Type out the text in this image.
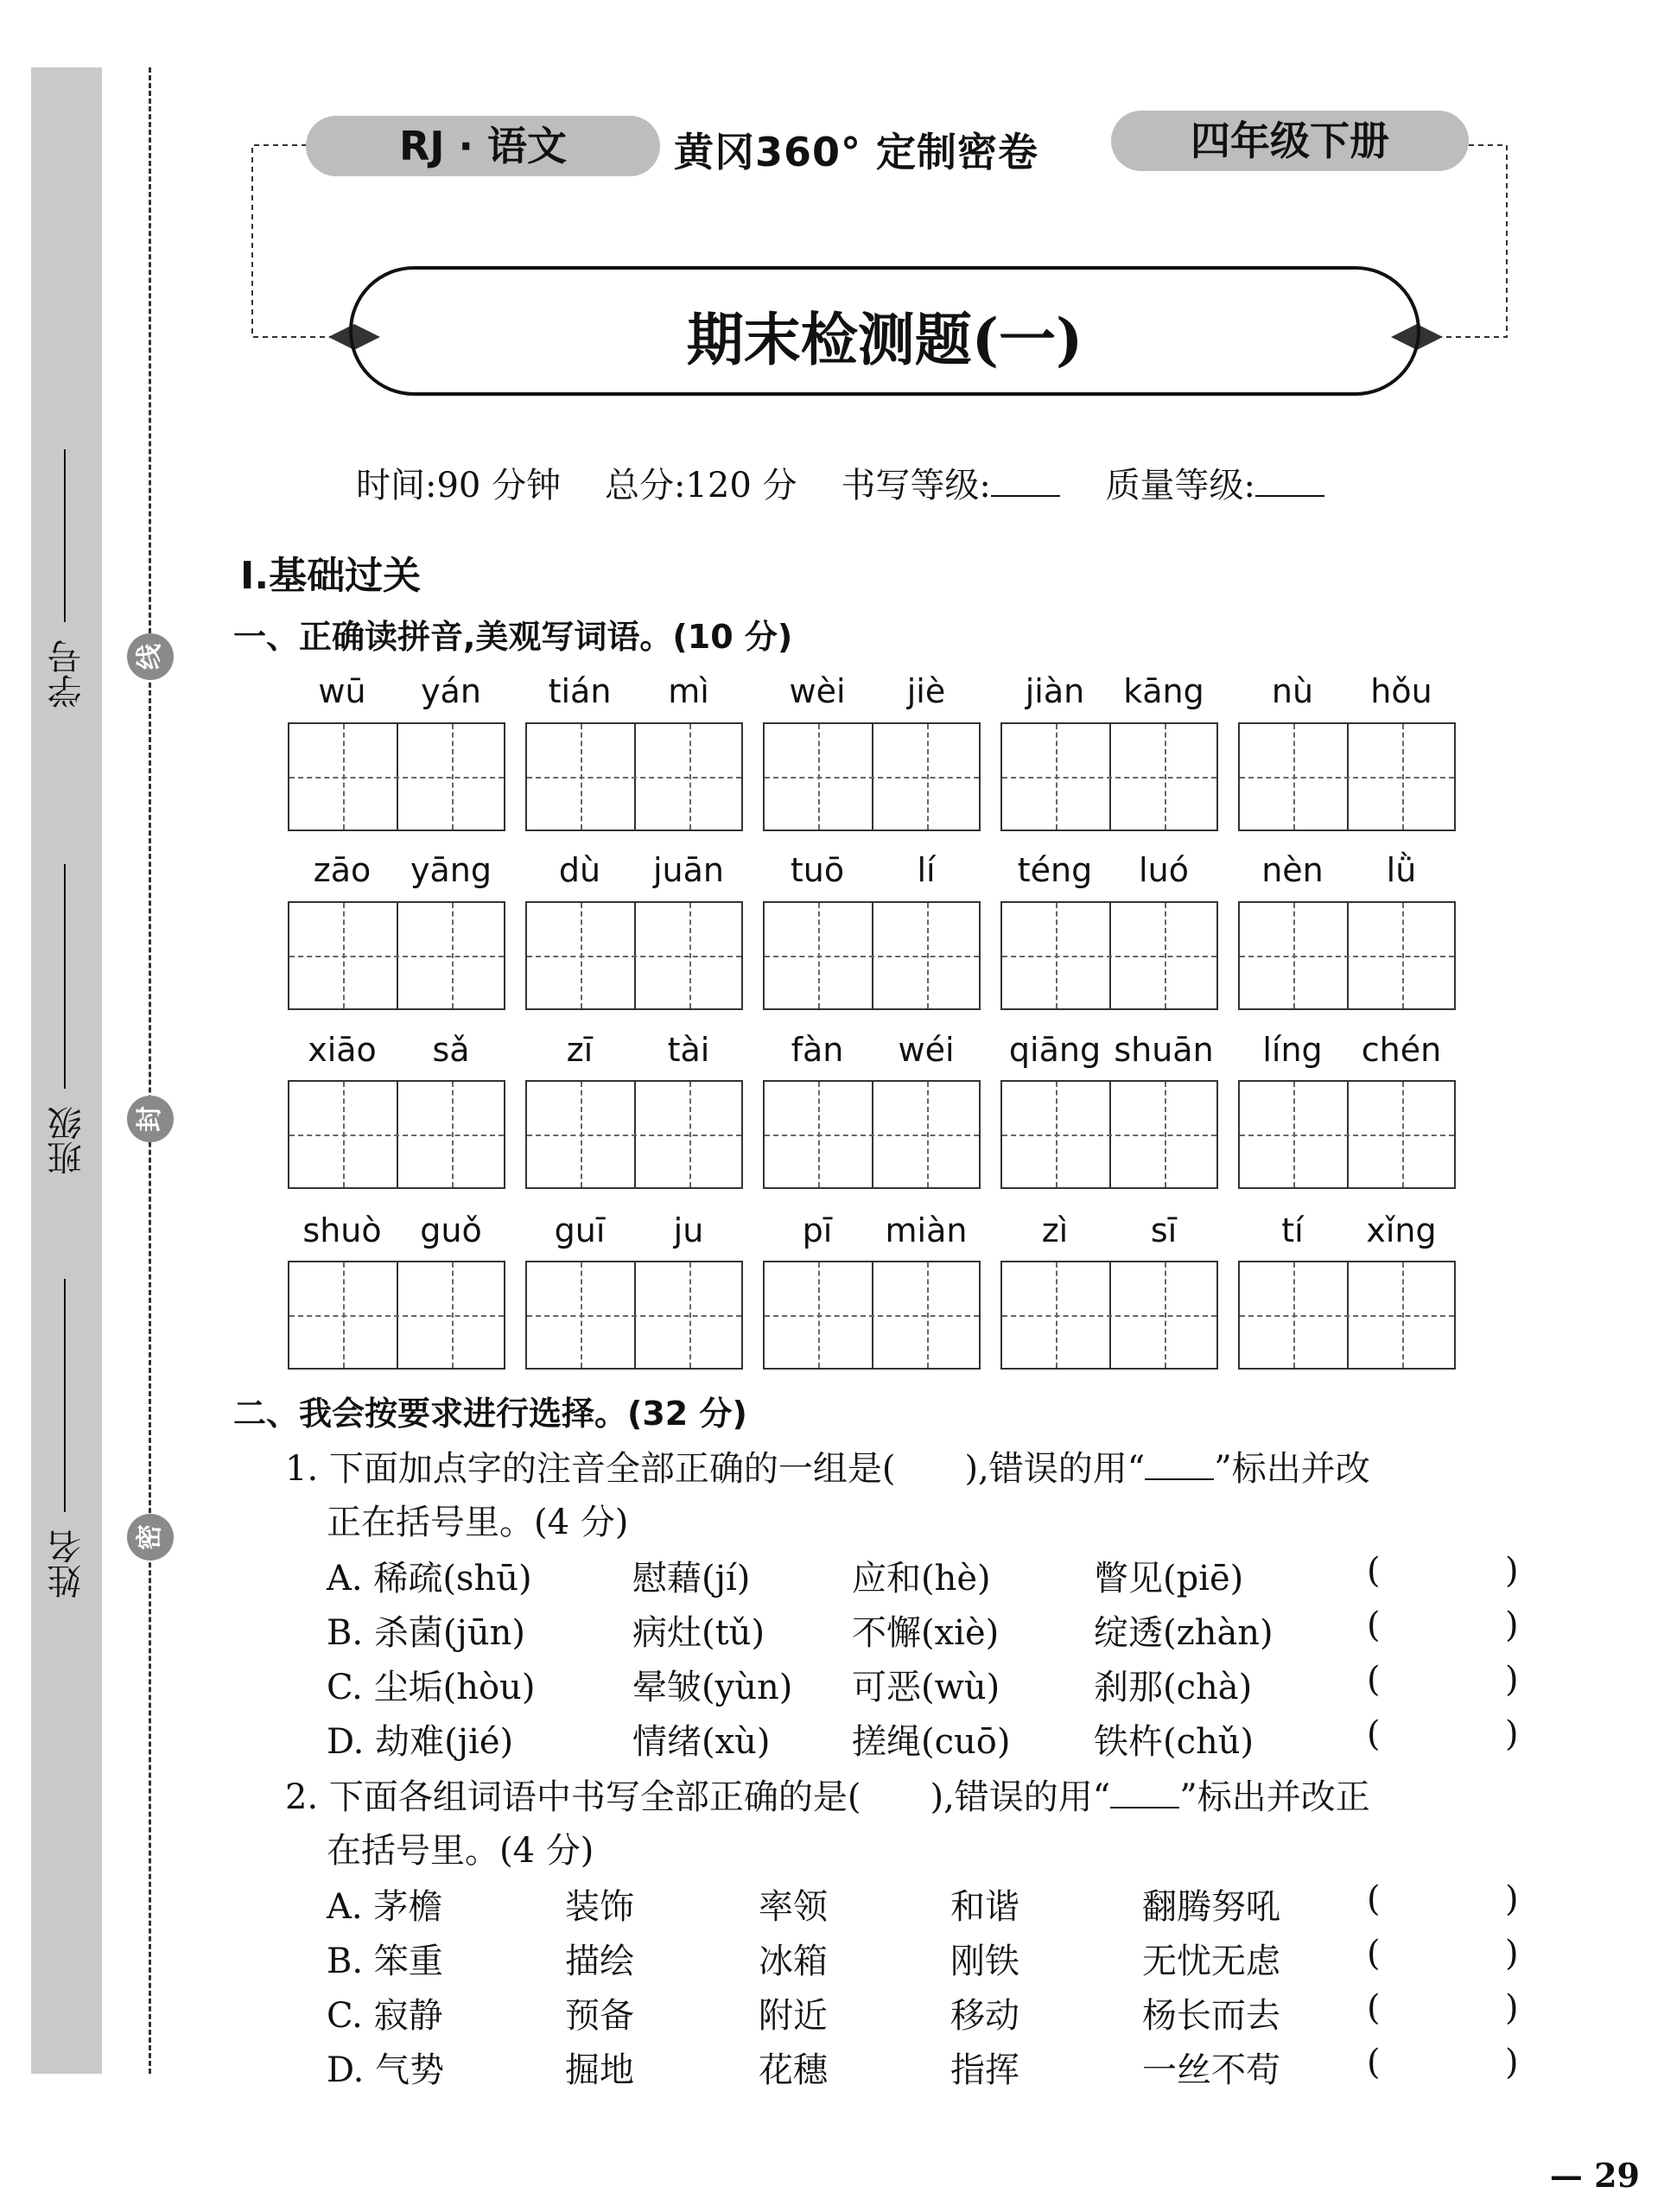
学号
班级
姓名
线
封
密
RJ · 语文	黄冈360° 定制密卷	四年级下册
期末检测题(一)
时间:90 分钟 总分:120 分 书写等级:	质量等级:
Ⅰ.基础过关
一、正确读拼音,美观写词语。(10 分)
wū	yán	tián	mì	wèi	jiè	jiàn	kāng	nù	hǒu
zāo	yāng	dù	juān	tuō	lí	téng	luó	nèn	lǜ
xiāo	sǎ	zī	tài	fàn	wéi	qiāng shuān	líng	chén
shuò	guǒ	guī	ju	pī	miàn	zì	sī	tí	xǐng
二、我会按要求进行选择。(32 分)
1. 下面加点字的注音全部正确的一组是( ),错误的用“ ”标出并改
正在括号里。(4 分)
A. 稀疏(shū)	慰藉(jí)	应和(hè)	瞥见(piē)	(	)
B. 杀菌(jūn)	病灶(tǔ)	不懈(xiè)	绽透(zhàn)	(	)
C. 尘垢(hòu)	晕皱(yùn) 可恶(wù)	刹那(chà)	(	)
D. 劫难(jié)	情绪(xù) 搓绳(cuō) 铁杵(chǔ)	(	)
2. 下面各组词语中书写全部正确的是( ),错误的用“ ”标出并改正
在括号里。(4 分)
A. 茅檐	装饰	率领	和谐	翻腾努吼	(	)
B. 笨重	描绘	冰箱	刚铁	无忧无虑	(	)
C. 寂静	预备	附近	移动	杨长而去	(	)
D. 气势	掘地	花穗	指挥	一丝不苟	(	)
— 29
